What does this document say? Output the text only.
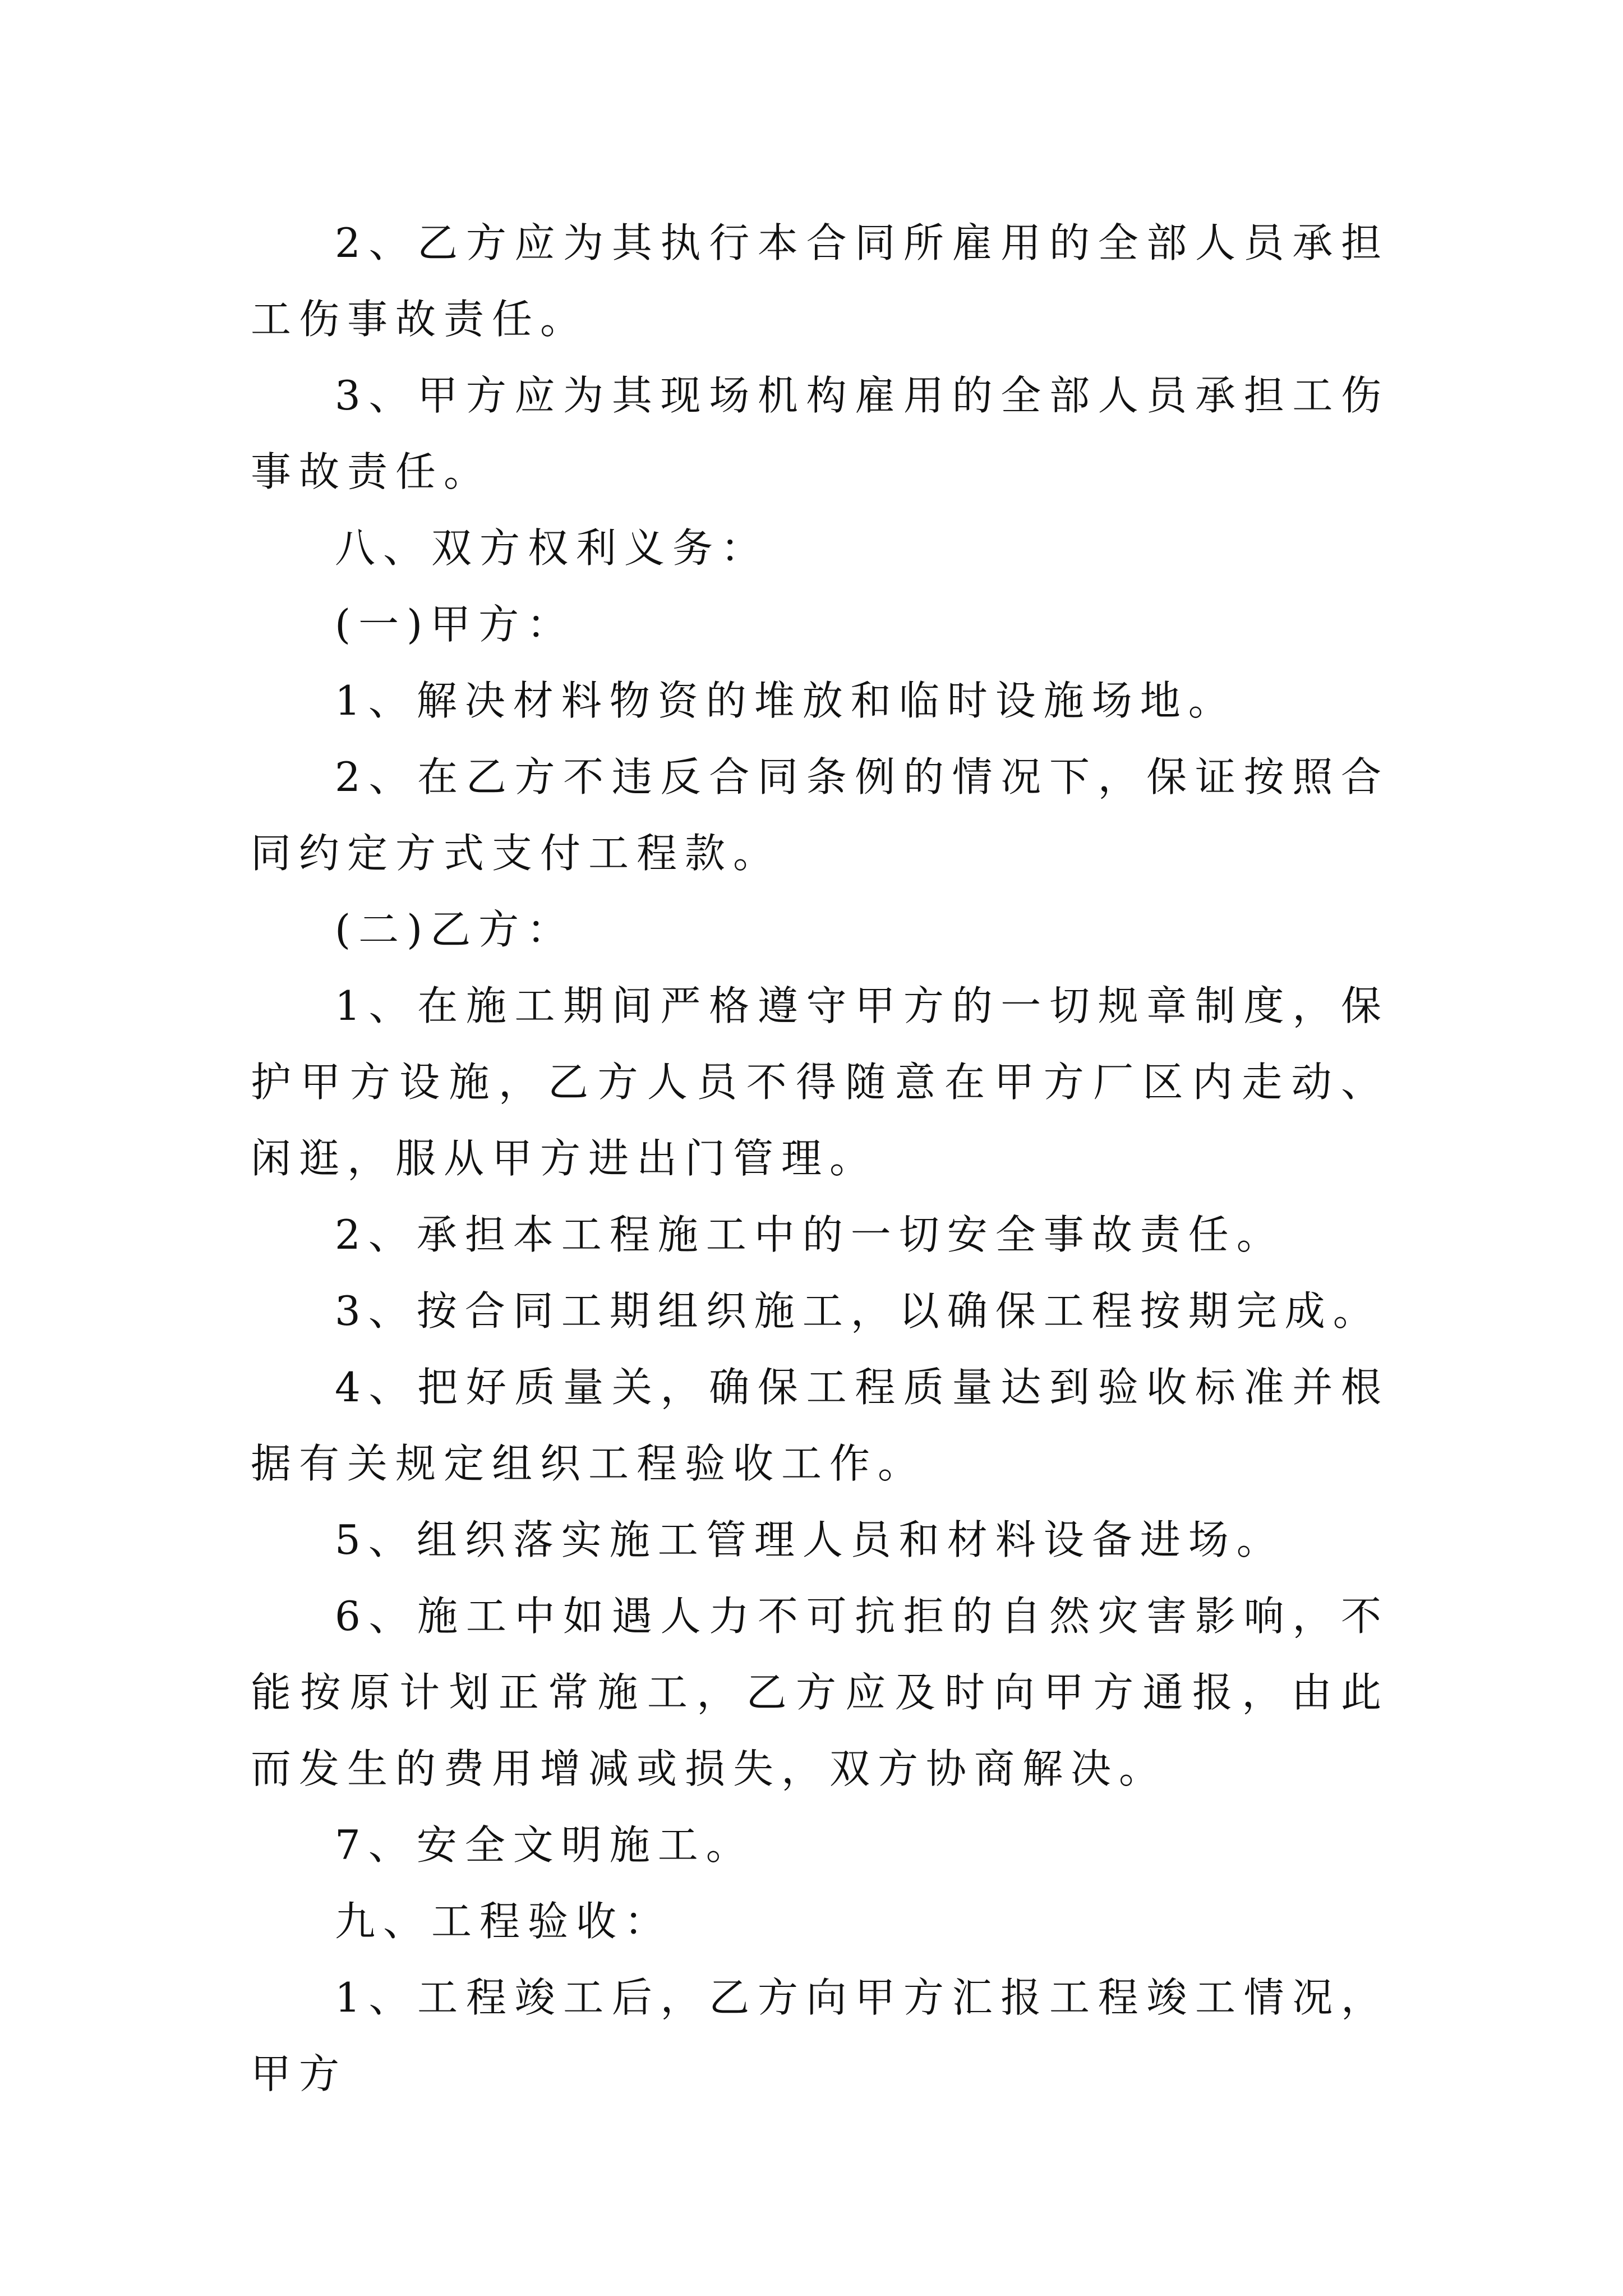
2、乙方应为其执行本合同所雇用的全部人员承担工伤事故责任。

3、甲方应为其现场机构雇用的全部人员承担工伤事故责任。

八、双方权利义务：

(一)甲方：

1、解决材料物资的堆放和临时设施场地。

2、在乙方不违反合同条例的情况下，保证按照合同约定方式支付工程款。

(二)乙方：

1、在施工期间严格遵守甲方的一切规章制度，保护甲方设施，乙方人员不得随意在甲方厂区内走动、闲逛，服从甲方进出门管理。

2、承担本工程施工中的一切安全事故责任。

3、按合同工期组织施工，以确保工程按期完成。

4、把好质量关，确保工程质量达到验收标准并根据有关规定组织工程验收工作。

5、组织落实施工管理人员和材料设备进场。

6、施工中如遇人力不可抗拒的自然灾害影响，不能按原计划正常施工，乙方应及时向甲方通报，由此而发生的费用增减或损失，双方协商解决。

7、安全文明施工。

九、工程验收：

1、工程竣工后，乙方向甲方汇报工程竣工情况，甲方
